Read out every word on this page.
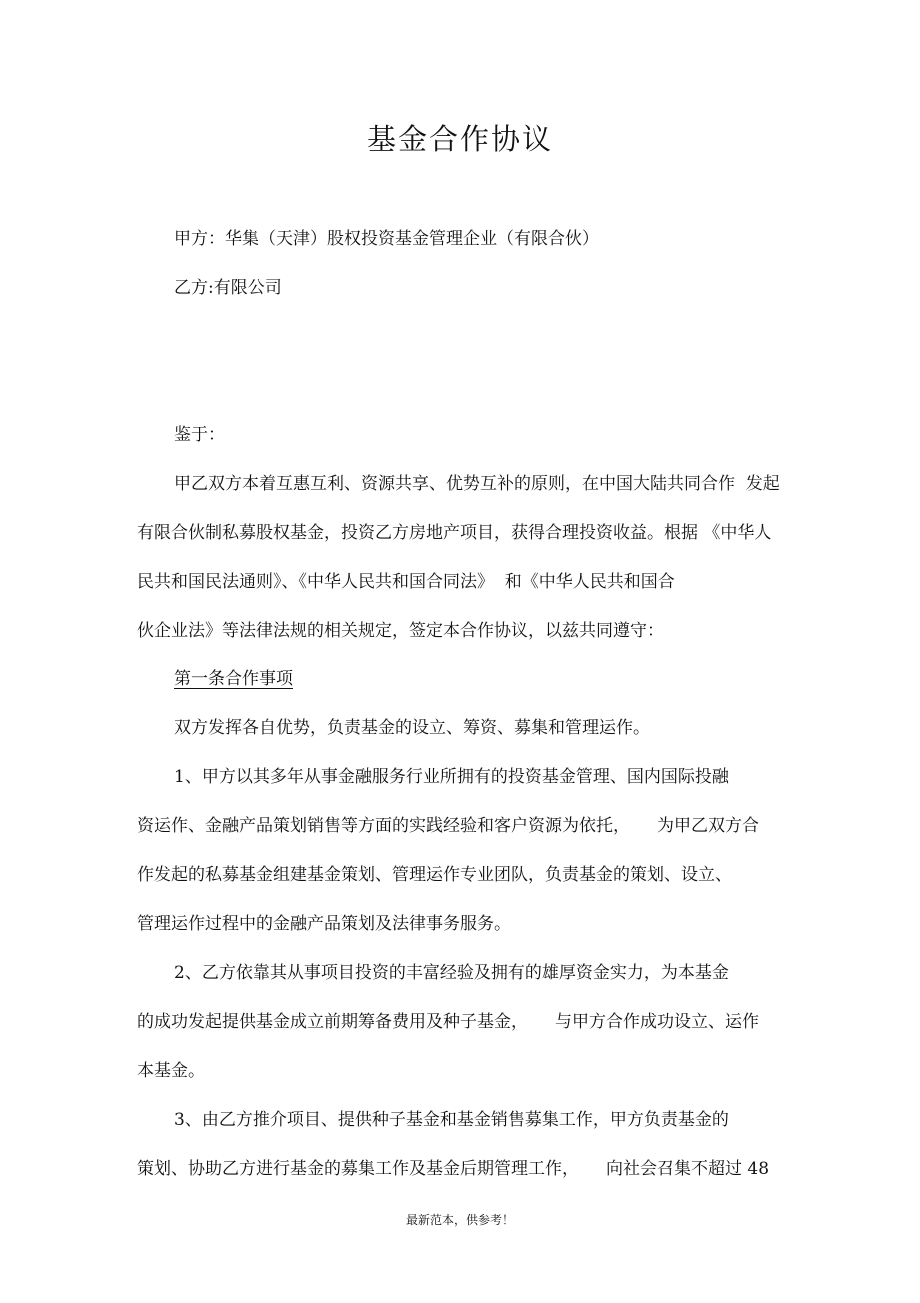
基金合作协议
甲方：华集（天津）股权投资基金管理企业（有限合伙）
乙方:有限公司
鉴于：
甲乙双方本着互惠互利、资源共享、优势互补的原则，在中国大陆共同合作  发起
有限合伙制私募股权基金，投资乙方房地产项目，获得合理投资收益。根据 《中华人
民共和国民法通则》、《中华人民共和国合同法》  和《中华人民共和国合
伙企业法》等法律法规的相关规定，签定本合作协议，以兹共同遵守：
第一条合作事项
双方发挥各自优势，负责基金的设立、筹资、募集和管理运作。
1、甲方以其多年从事金融服务行业所拥有的投资基金管理、国内国际投融
资运作、金融产品策划销售等方面的实践经验和客户资源为依托，     为甲乙双方合
作发起的私募基金组建基金策划、管理运作专业团队，负责基金的策划、设立、
管理运作过程中的金融产品策划及法律事务服务。
2、乙方依靠其从事项目投资的丰富经验及拥有的雄厚资金实力，为本基金
的成功发起提供基金成立前期筹备费用及种子基金，     与甲方合作成功设立、运作
本基金。
3、由乙方推介项目、提供种子基金和基金销售募集工作，甲方负责基金的
策划、协助乙方进行基金的募集工作及基金后期管理工作，     向社会召集不超过 48
最新范本，供参考！
